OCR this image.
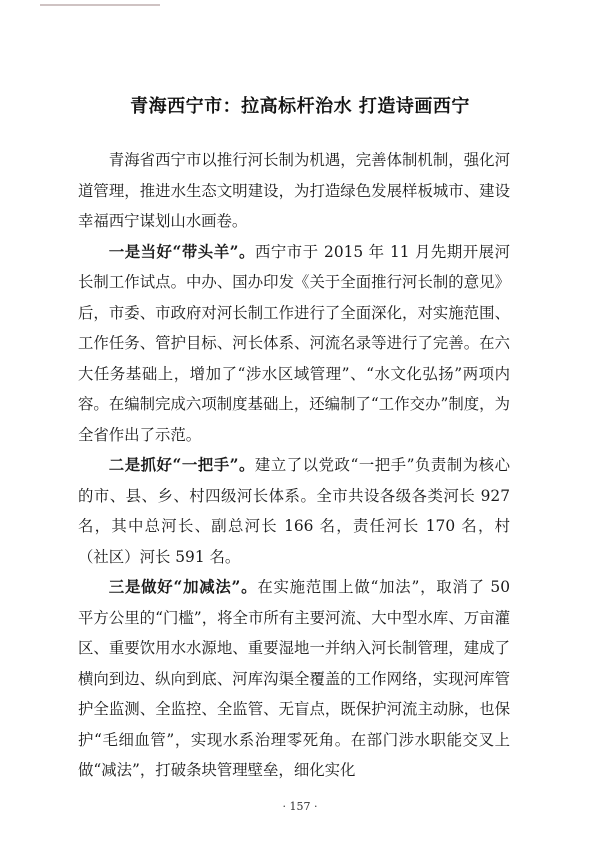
青海西宁市：拉高标杆治水 打造诗画西宁

青海省西宁市以推行河长制为机遇，完善体制机制，强化河道管理，推进水生态文明建设，为打造绿色发展样板城市、建设幸福西宁谋划山水画卷。

一是当好“带头羊”。西宁市于 2015 年 11 月先期开展河长制工作试点。中办、国办印发《关于全面推行河长制的意见》后，市委、市政府对河长制工作进行了全面深化，对实施范围、工作任务、管护目标、河长体系、河流名录等进行了完善。在六大任务基础上，增加了“涉水区域管理”、“水文化弘扬”两项内容。在编制完成六项制度基础上，还编制了“工作交办”制度，为全省作出了示范。

二是抓好“一把手”。建立了以党政“一把手”负责制为核心的市、县、乡、村四级河长体系。全市共设各级各类河长 927 名，其中总河长、副总河长 166 名，责任河长 170 名，村（社区）河长 591 名。

三是做好“加减法”。在实施范围上做“加法”，取消了 50 平方公里的“门槛”，将全市所有主要河流、大中型水库、万亩灌区、重要饮用水水源地、重要湿地一并纳入河长制管理，建成了横向到边、纵向到底、河库沟渠全覆盖的工作网络，实现河库管护全监测、全监控、全监管、无盲点，既保护河流主动脉，也保护“毛细血管”，实现水系治理零死角。在部门涉水职能交叉上做“减法”，打破条块管理壁垒，细化实化

· 157 ·
